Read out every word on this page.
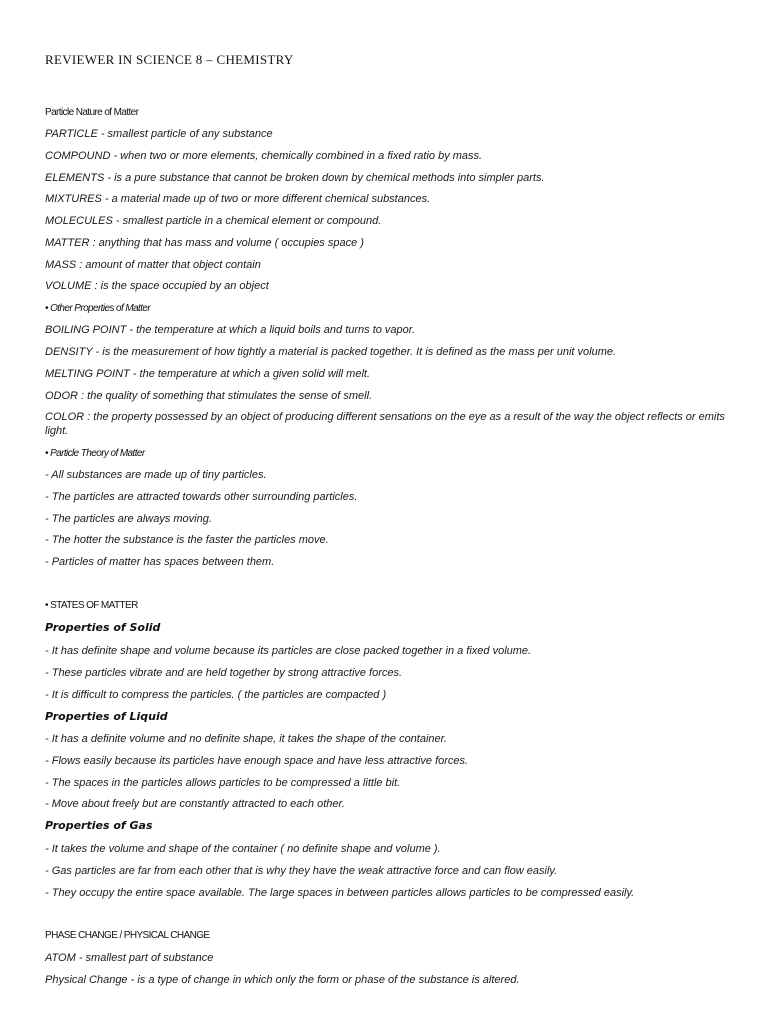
REVIEWER IN SCIENCE 8 – CHEMISTRY

Particle Nature of Matter

PARTICLE - smallest particle of any substance

COMPOUND - when two or more elements, chemically combined in a fixed ratio by mass.

ELEMENTS - is a pure substance that cannot be broken down by chemical methods into simpler parts.

MIXTURES - a material made up of two or more different chemical substances.

MOLECULES - smallest particle in a chemical element or compound.

MATTER : anything that has mass and volume ( occupies space )

MASS : amount of matter that object contain

VOLUME : is the space occupied by an object

• Other Properties of Matter

BOILING POINT - the temperature at which a liquid boils and turns to vapor.

DENSITY - is the measurement of how tightly a material is packed together. It is defined as the mass per unit volume.

MELTING POINT - the temperature at which a given solid will melt.

ODOR : the quality of something that stimulates the sense of smell.

COLOR : the property possessed by an object of producing different sensations on the eye as a result of the way the object reflects or emits light.

• Particle Theory of Matter

- All substances are made up of tiny particles.

- The particles are attracted towards other surrounding particles.

- The particles are always moving.

- The hotter the substance is the faster the particles move.

- Particles of matter has spaces between them.

• STATES OF MATTER

Properties of Solid

- It has definite shape and volume because its particles are close packed together in a fixed volume.

- These particles vibrate and are held together by strong attractive forces.

- It is difficult to compress the particles. ( the particles are compacted )

Properties of Liquid

- It has a definite volume and no definite shape, it takes the shape of the container.

- Flows easily because its particles have enough space and have less attractive forces.

- The spaces in the particles allows particles to be compressed a little bit.

- Move about freely but are constantly attracted to each other.

Properties of Gas

- It takes the volume and shape of the container ( no definite shape and volume ).

- Gas particles are far from each other that is why they have the weak attractive force and can flow easily.

- They occupy the entire space available. The large spaces in between particles allows particles to be compressed easily.

PHASE CHANGE / PHYSICAL CHANGE

ATOM - smallest part of substance

Physical Change - is a type of change in which only the form or phase of the substance is altered.
